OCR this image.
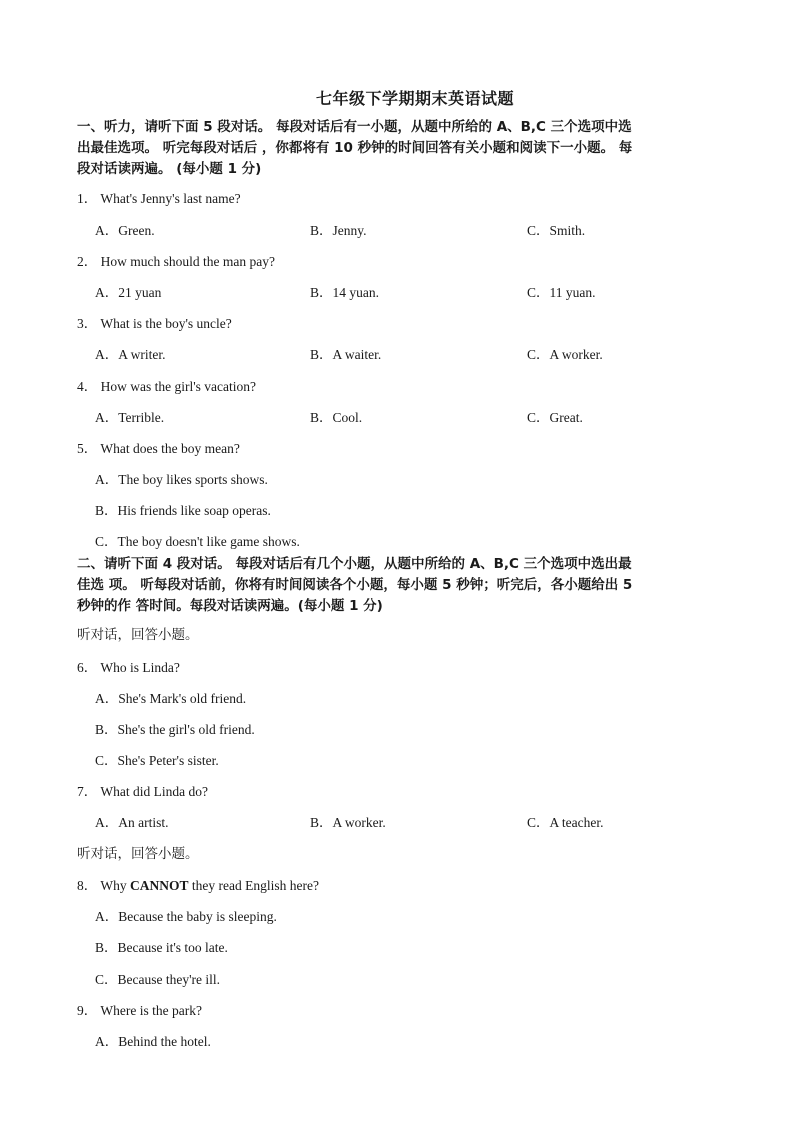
七年级下学期期末英语试题
一、听力，请听下面 5 段对话。 每段对话后有一小题，从题中所给的 A、B,C 三个选项中选
出最佳选项。 听完每段对话后 ，你都将有 10 秒钟的时间回答有关小题和阅读下一小题。 每
段对话读两遍。 (每小题 1 分)
1． What's Jenny's last name?
A．Green.	B．Jenny.	C．Smith.
2． How much should the man pay?
A．21 yuan	B．14 yuan.	C．11 yuan.
3． What is the boy's uncle?
A．A writer.	B．A waiter.	C．A worker.
4． How was the girl's vacation?
A．Terrible.	B．Cool.	C．Great.
5． What does the boy mean?
A．The boy likes sports shows.
B．His friends like soap operas.
C．The boy doesn't like game shows.
二、请听下面 4 段对话。 每段对话后有几个小题，从题中所给的 A、B,C 三个选项中选出最
佳选 项。 听每段对话前，你将有时间阅读各个小题，每小题 5 秒钟；听完后，各小题给出 5
秒钟的作 答时间。每段对话读两遍。(每小题 1 分)
听对话，回答小题。
6． Who is Linda?
A．She's Mark's old friend.
B．She's the girl's old friend.
C．She's Peter's sister.
7． What did Linda do?
A．An artist.	B．A worker.	C．A teacher.
听对话，回答小题。
8． Why CANNOT they read English here?
A．Because the baby is sleeping.
B．Because it's too late.
C．Because they're ill.
9． Where is the park?
A．Behind the hotel.
